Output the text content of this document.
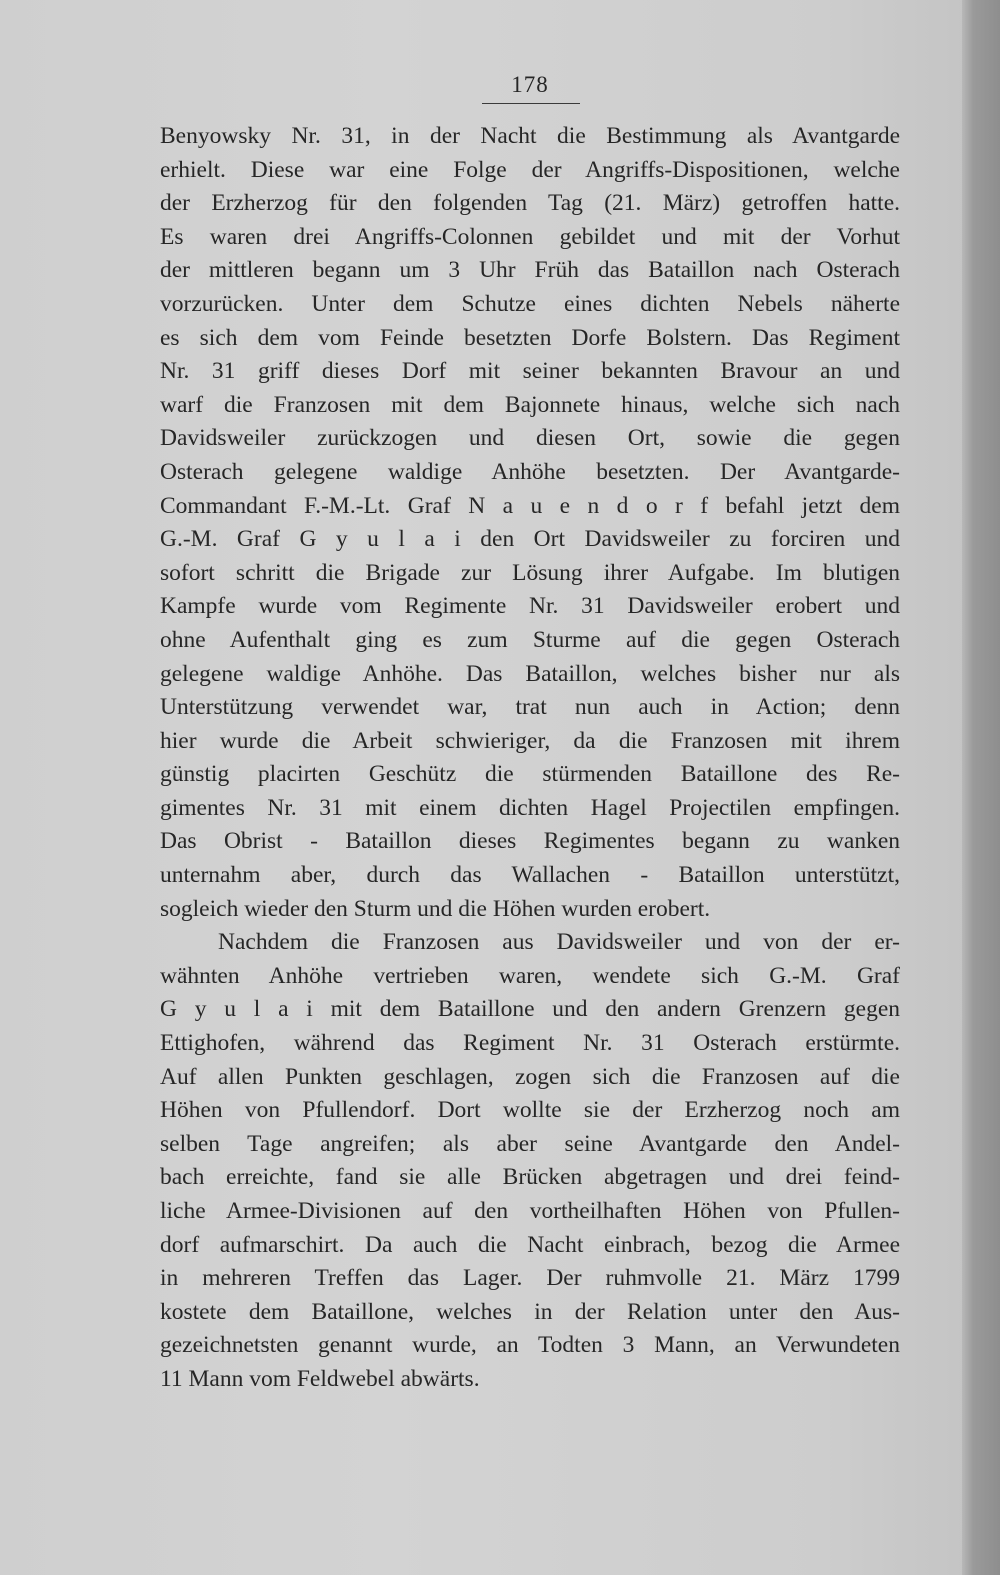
178
Benyowsky Nr. 31, in der Nacht die Bestimmung als Avantgarde
erhielt. Diese war eine Folge der Angriffs-Dispositionen, welche
der Erzherzog für den folgenden Tag (21. März) getroffen hatte.
Es waren drei Angriffs-Colonnen gebildet und mit der Vorhut
der mittleren begann um 3 Uhr Früh das Bataillon nach Osterach
vorzurücken. Unter dem Schutze eines dichten Nebels näherte
es sich dem vom Feinde besetzten Dorfe Bolstern. Das Regiment
Nr. 31 griff dieses Dorf mit seiner bekannten Bravour an und
warf die Franzosen mit dem Bajonnete hinaus, welche sich nach
Davidsweiler zurückzogen und diesen Ort, sowie die gegen
Osterach gelegene waldige Anhöhe besetzten. Der Avantgarde-
Commandant F.-M.-Lt. Graf N a u e n d o r f befahl jetzt dem
G.-M. Graf G y u l a i den Ort Davidsweiler zu forciren und
sofort schritt die Brigade zur Lösung ihrer Aufgabe. Im blutigen
Kampfe wurde vom Regimente Nr. 31 Davidsweiler erobert und
ohne Aufenthalt ging es zum Sturme auf die gegen Osterach
gelegene waldige Anhöhe. Das Bataillon, welches bisher nur als
Unterstützung verwendet war, trat nun auch in Action; denn
hier wurde die Arbeit schwieriger, da die Franzosen mit ihrem
günstig placirten Geschütz die stürmenden Bataillone des Re-
gimentes Nr. 31 mit einem dichten Hagel Projectilen empfingen.
Das Obrist - Bataillon dieses Regimentes begann zu wanken
unternahm aber, durch das Wallachen - Bataillon unterstützt,
sogleich wieder den Sturm und die Höhen wurden erobert.
Nachdem die Franzosen aus Davidsweiler und von der er-
wähnten Anhöhe vertrieben waren, wendete sich G.-M. Graf
G y u l a i mit dem Bataillone und den andern Grenzern gegen
Ettighofen, während das Regiment Nr. 31 Osterach erstürmte.
Auf allen Punkten geschlagen, zogen sich die Franzosen auf die
Höhen von Pfullendorf. Dort wollte sie der Erzherzog noch am
selben Tage angreifen; als aber seine Avantgarde den Andel-
bach erreichte, fand sie alle Brücken abgetragen und drei feind-
liche Armee-Divisionen auf den vortheilhaften Höhen von Pfullen-
dorf aufmarschirt. Da auch die Nacht einbrach, bezog die Armee
in mehreren Treffen das Lager. Der ruhmvolle 21. März 1799
kostete dem Bataillone, welches in der Relation unter den Aus-
gezeichnetsten genannt wurde, an Todten 3 Mann, an Verwundeten
11 Mann vom Feldwebel abwärts.
